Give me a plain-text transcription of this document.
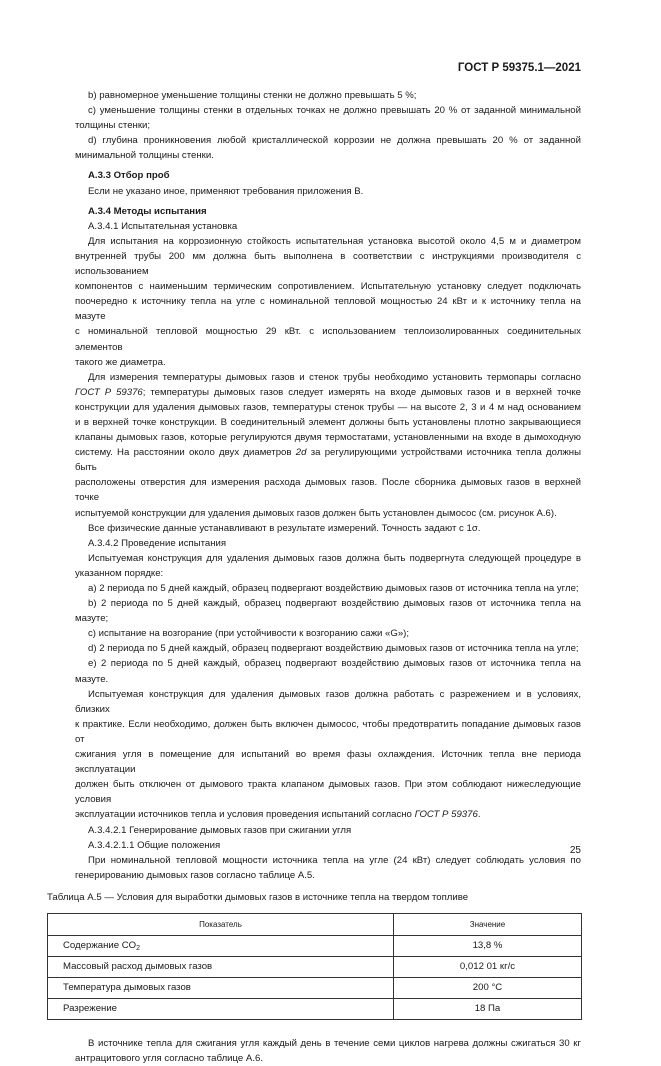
ГОСТ Р 59375.1—2021

b) равномерное уменьшение толщины стенки не должно превышать 5 %;

c) уменьшение толщины стенки в отдельных точках не должно превышать 20 % от заданной минимальной

толщины стенки;

d) глубина проникновения любой кристаллической коррозии не должна превышать 20 % от заданной

минимальной толщины стенки.

А.3.3 Отбор проб

Если не указано иное, применяют требования приложения В.

А.3.4 Методы испытания

А.3.4.1 Испытательная установка

Для испытания на коррозионную стойкость испытательная установка высотой около 4,5 м и диаметром

внутренней трубы 200 мм должна быть выполнена в соответствии с инструкциями производителя с использованием

компонентов с наименьшим термическим сопротивлением. Испытательную установку следует подключать

поочередно к источнику тепла на угле с номинальной тепловой мощностью 24 кВт и к источнику тепла на мазуте

с номинальной тепловой мощностью 29 кВт. с использованием теплоизолированных соединительных элементов

такого же диаметра.

Для измерения температуры дымовых газов и стенок трубы необходимо установить термопары согласно

ГОСТ Р 59376; температуры дымовых газов следует измерять на входе дымовых газов и в верхней точке

конструкции для удаления дымовых газов, температуры стенок трубы — на высоте 2, 3 и 4 м над основанием

и в верхней точке конструкции. В соединительный элемент должны быть установлены плотно закрывающиеся

клапаны дымовых газов, которые регулируются двумя термостатами, установленными на входе в дымоходную

систему. На расстоянии около двух диаметров 2d за регулирующими устройствами источника тепла должны быть

расположены отверстия для измерения расхода дымовых газов. После сборника дымовых газов в верхней точке

испытуемой конструкции для удаления дымовых газов должен быть установлен дымосос (см. рисунок А.6).

Все физические данные устанавливают в результате измерений. Точность задают с 1σ.

А.3.4.2 Проведение испытания

Испытуемая конструкция для удаления дымовых газов должна быть подвергнута следующей процедуре в

указанном порядке:

а) 2 периода по 5 дней каждый, образец подвергают воздействию дымовых газов от источника тепла на угле;

b) 2 периода по 5 дней каждый, образец подвергают воздействию дымовых газов от источника тепла на

мазуте;

c) испытание на возгорание (при устойчивости к возгоранию сажи «G»);

d) 2 периода по 5 дней каждый, образец подвергают воздействию дымовых газов от источника тепла на угле;

е) 2 периода по 5 дней каждый, образец подвергают воздействию дымовых газов от источника тепла на

мазуте.

Испытуемая конструкция для удаления дымовых газов должна работать с разрежением и в условиях, близких

к практике. Если необходимо, должен быть включен дымосос, чтобы предотвратить попадание дымовых газов от

сжигания угля в помещение для испытаний во время фазы охлаждения. Источник тепла вне периода эксплуатации

должен быть отключен от дымового тракта клапаном дымовых газов. При этом соблюдают нижеследующие условия

эксплуатации источников тепла и условия проведения испытаний согласно ГОСТ Р 59376.

А.3.4.2.1 Генерирование дымовых газов при сжигании угля

А.3.4.2.1.1 Общие положения

При номинальной тепловой мощности источника тепла на угле (24 кВт) следует соблюдать условия по

генерированию дымовых газов согласно таблице А.5.

Таблица А.5 — Условия для выработки дымовых газов в источнике тепла на твердом топливе

Показатель	Значение
Содержание $CO_2$	13,8 %
Массовый расход дымовых газов	0,012 01 кг/с
Температура дымовых газов	200 °С
Разрежение	18 Па

В источнике тепла для сжигания угля каждый день в течение семи циклов нагрева должны сжигаться 30 кг

антрацитового угля согласно таблице А.6.

25
